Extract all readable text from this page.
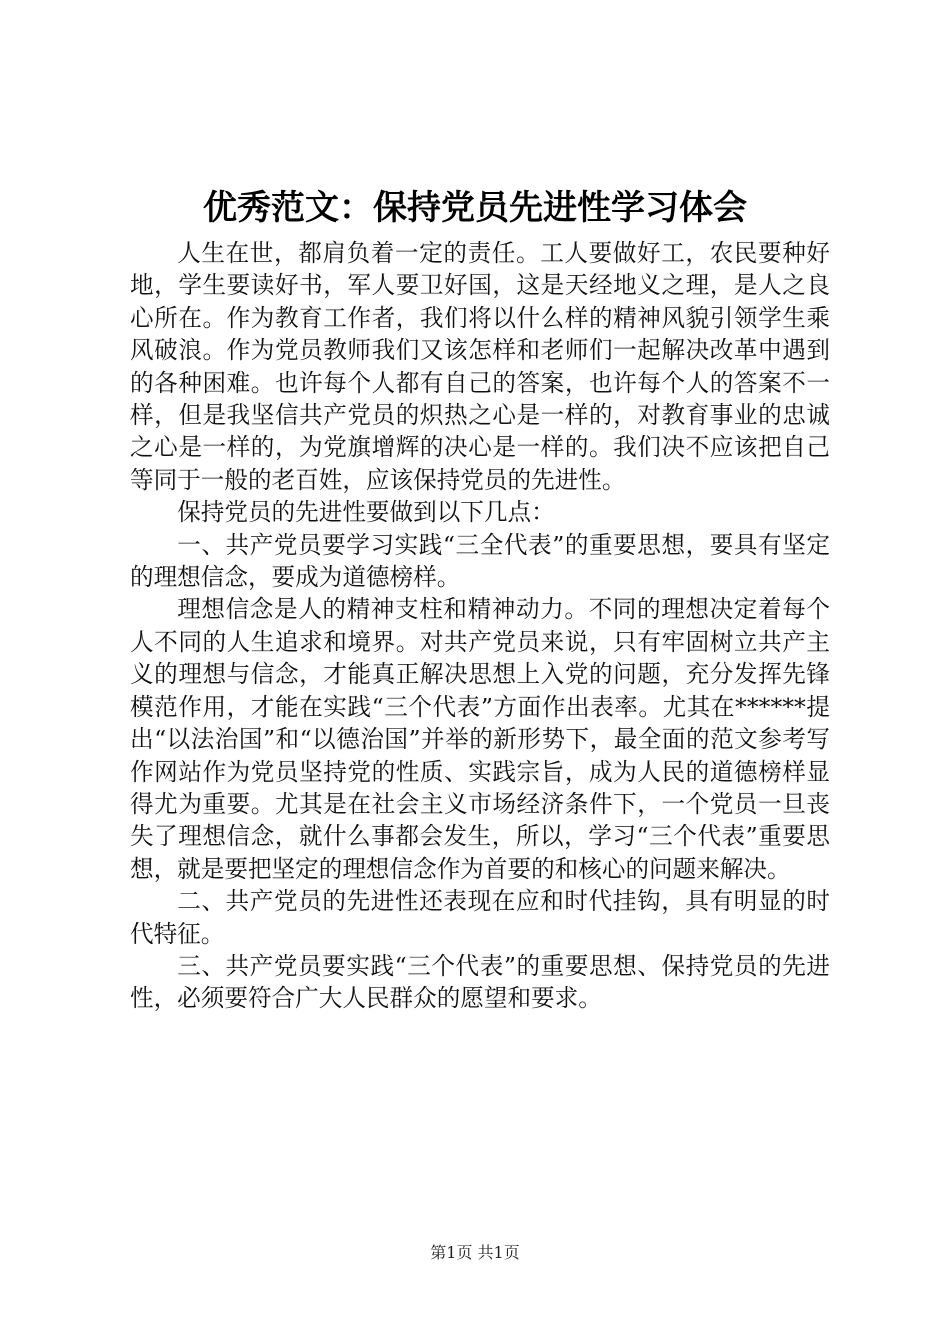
优秀范文：保持党员先进性学习体会

人生在世，都肩负着一定的责任。工人要做好工，农民要种好地，学生要读好书，军人要卫好国，这是天经地义之理，是人之良心所在。作为教育工作者，我们将以什么样的精神风貌引领学生乘风破浪。作为党员教师我们又该怎样和老师们一起解决改革中遇到的各种困难。也许每个人都有自己的答案，也许每个人的答案不一样，但是我坚信共产党员的炽热之心是一样的，对教育事业的忠诚之心是一样的，为党旗增辉的决心是一样的。我们决不应该把自己等同于一般的老百姓，应该保持党员的先进性。

保持党员的先进性要做到以下几点：

一、共产党员要学习实践“三全代表”的重要思想，要具有坚定的理想信念，要成为道德榜样。

理想信念是人的精神支柱和精神动力。不同的理想决定着每个人不同的人生追求和境界。对共产党员来说，只有牢固树立共产主义的理想与信念，才能真正解决思想上入党的问题，充分发挥先锋模范作用，才能在实践“三个代表”方面作出表率。尤其在******提出“以法治国”和“以德治国”并举的新形势下，最全面的范文参考写作网站作为党员坚持党的性质、实践宗旨，成为人民的道德榜样显得尤为重要。尤其是在社会主义市场经济条件下，一个党员一旦丧失了理想信念，就什么事都会发生，所以，学习“三个代表”重要思想，就是要把坚定的理想信念作为首要的和核心的问题来解决。

二、共产党员的先进性还表现在应和时代挂钩，具有明显的时代特征。

三、共产党员要实践“三个代表”的重要思想、保持党员的先进性，必须要符合广大人民群众的愿望和要求。

第1页 共1页
